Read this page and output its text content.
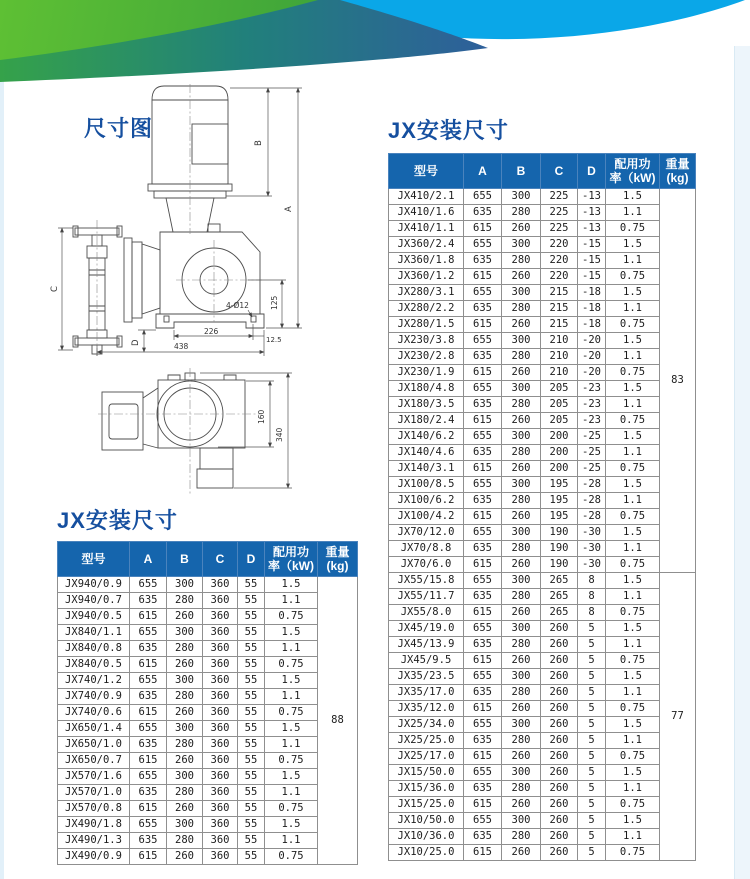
尺寸图
B
A
C
D
125
4-Ø12
226
12.5
438
160
340
JX安装尺寸
型号	A	B	C	D	配用功
率（kW)	重量
(kg)
JX410/2.1	655	300	225	-13	1.5	83
JX410/1.6	635	280	225	-13	1.1	
JX410/1.1	615	260	225	-13	0.75	
JX360/2.4	655	300	220	-15	1.5	
JX360/1.8	635	280	220	-15	1.1	
JX360/1.2	615	260	220	-15	0.75	
JX280/3.1	655	300	215	-18	1.5	
JX280/2.2	635	280	215	-18	1.1	
JX280/1.5	615	260	215	-18	0.75	
JX230/3.8	655	300	210	-20	1.5	
JX230/2.8	635	280	210	-20	1.1	
JX230/1.9	615	260	210	-20	0.75	
JX180/4.8	655	300	205	-23	1.5	
JX180/3.5	635	280	205	-23	1.1	
JX180/2.4	615	260	205	-23	0.75	
JX140/6.2	655	300	200	-25	1.5	
JX140/4.6	635	280	200	-25	1.1	
JX140/3.1	615	260	200	-25	0.75	
JX100/8.5	655	300	195	-28	1.5	
JX100/6.2	635	280	195	-28	1.1	
JX100/4.2	615	260	195	-28	0.75	
JX70/12.0	655	300	190	-30	1.5	
JX70/8.8	635	280	190	-30	1.1	
JX70/6.0	615	260	190	-30	0.75	
JX55/15.8	655	300	265	8	1.5	77
JX55/11.7	635	280	265	8	1.1	
JX55/8.0	615	260	265	8	0.75	
JX45/19.0	655	300	260	5	1.5	
JX45/13.9	635	280	260	5	1.1	
JX45/9.5	615	260	260	5	0.75	
JX35/23.5	655	300	260	5	1.5	
JX35/17.0	635	280	260	5	1.1	
JX35/12.0	615	260	260	5	0.75	
JX25/34.0	655	300	260	5	1.5	
JX25/25.0	635	280	260	5	1.1	
JX25/17.0	615	260	260	5	0.75	
JX15/50.0	655	300	260	5	1.5	
JX15/36.0	635	280	260	5	1.1	
JX15/25.0	615	260	260	5	0.75	
JX10/50.0	655	300	260	5	1.5	
JX10/36.0	635	280	260	5	1.1	
JX10/25.0	615	260	260	5	0.75	
JX安装尺寸
型号	A	B	C	D	配用功
率（kW)	重量
(kg)
JX940/0.9	655	300	360	55	1.5	88
JX940/0.7	635	280	360	55	1.1	
JX940/0.5	615	260	360	55	0.75	
JX840/1.1	655	300	360	55	1.5	
JX840/0.8	635	280	360	55	1.1	
JX840/0.5	615	260	360	55	0.75	
JX740/1.2	655	300	360	55	1.5	
JX740/0.9	635	280	360	55	1.1	
JX740/0.6	615	260	360	55	0.75	
JX650/1.4	655	300	360	55	1.5	
JX650/1.0	635	280	360	55	1.1	
JX650/0.7	615	260	360	55	0.75	
JX570/1.6	655	300	360	55	1.5	
JX570/1.0	635	280	360	55	1.1	
JX570/0.8	615	260	360	55	0.75	
JX490/1.8	655	300	360	55	1.5	
JX490/1.3	635	280	360	55	1.1	
JX490/0.9	615	260	360	55	0.75	
